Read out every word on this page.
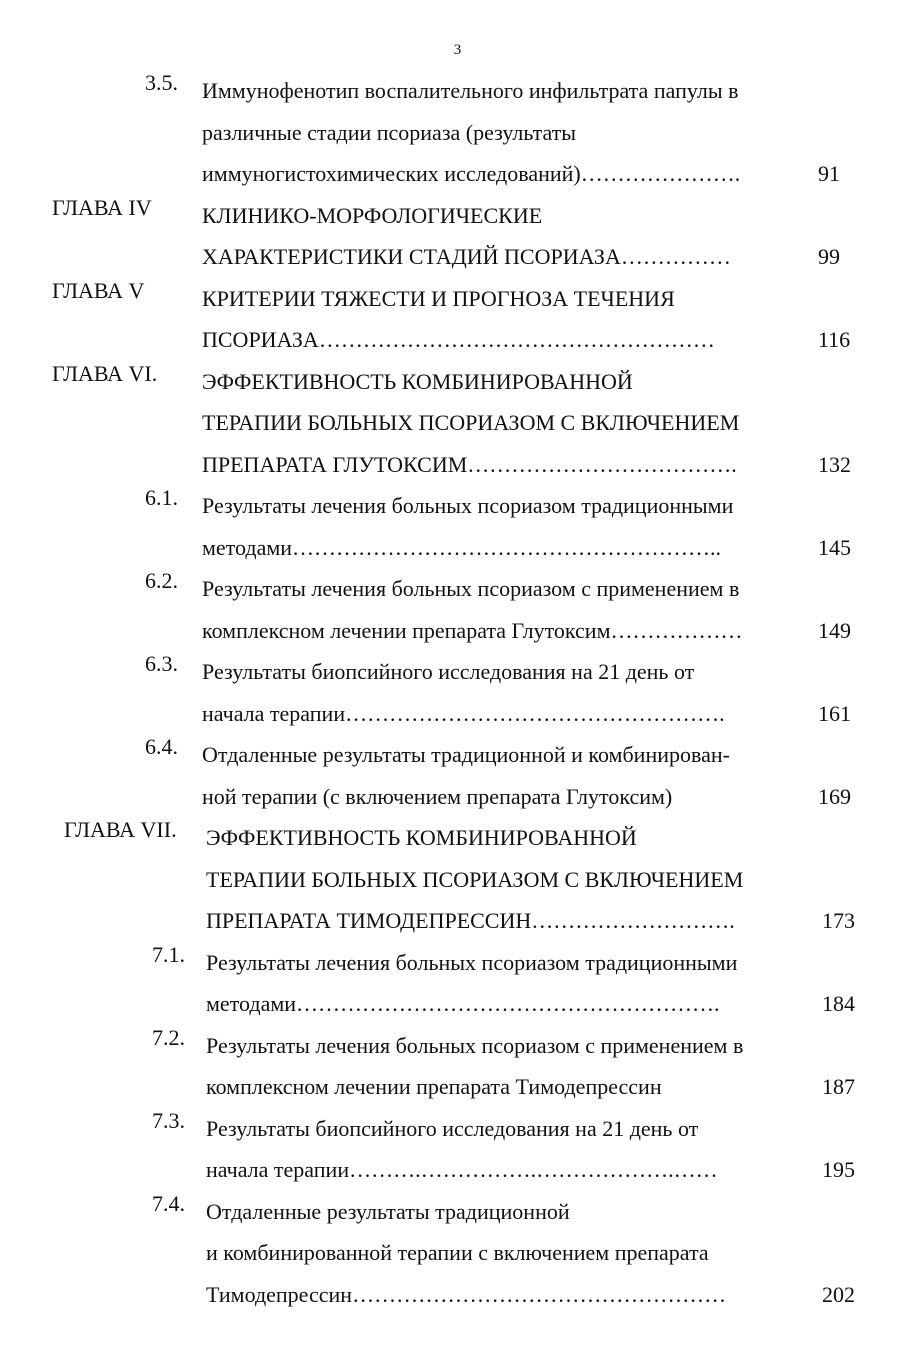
3
3.5. Иммунофенотип воспалительного инфильтрата папулы в
различные стадии псориаза (результаты
иммуногистохимических исследований)………………….	91
ГЛАВА IV КЛИНИКО-МОРФОЛОГИЧЕСКИЕ
ХАРАКТЕРИСТИКИ СТАДИЙ ПСОРИАЗА……………	99
ГЛАВА V	КРИТЕРИИ ТЯЖЕСТИ И ПРОГНОЗА ТЕЧЕНИЯ
ПСОРИАЗА………………………………………………	116
ГЛАВА VI. ЭФФЕКТИВНОСТЬ КОМБИНИРОВАННОЙ
ТЕРАПИИ БОЛЬНЫХ ПСОРИАЗОМ С ВКЛЮЧЕНИЕМ
ПРЕПАРАТА ГЛУТОКСИМ……………………………….	132
6.1. Результаты лечения больных псориазом традиционными
методами…………………………………………………..	145
6.2. Результаты лечения больных псориазом с применением в
комплексном лечении препарата Глутоксим………………	149
6.3. Результаты биопсийного исследования на 21 день от
начала терапии…………………………………………….	161
6.4. Отдаленные результаты традиционной и комбинирован-
ной терапии (с включением препарата Глутоксим)	169
ГЛАВА VII. ЭФФЕКТИВНОСТЬ КОМБИНИРОВАННОЙ
ТЕРАПИИ БОЛЬНЫХ ПСОРИАЗОМ С ВКЛЮЧЕНИЕМ
ПРЕПАРАТА ТИМОДЕПРЕССИН……………………….	173
7.1. Результаты лечения больных псориазом традиционными
методами………………………………………………….	184
7.2. Результаты лечения больных псориазом с применением в
комплексном лечении препарата Тимодепрессин	187
7.3. Результаты биопсийного исследования на 21 день от
начала терапии……….…………….……………….……	195
7.4. Отдаленные результаты традиционной
и комбинированной терапии с включением препарата
Тимодепрессин……………………………………………	202
